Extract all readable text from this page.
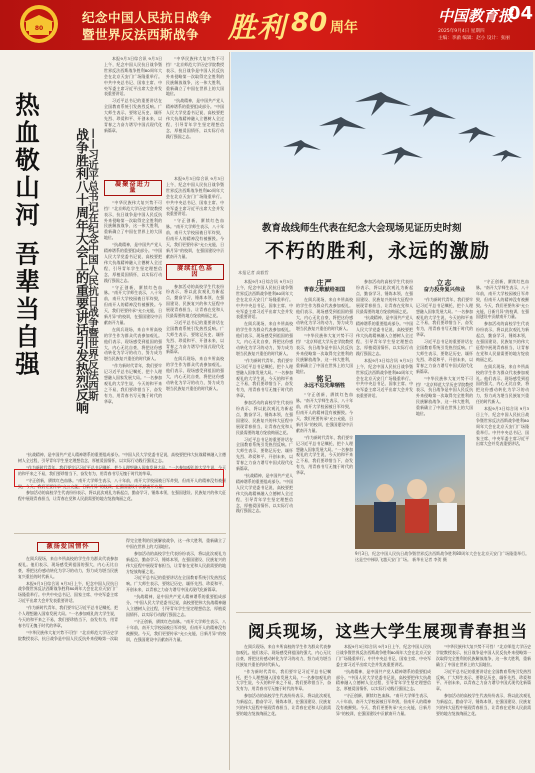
80
纪念中国人民抗日战争
暨世界反法西斯战争 胜利 80 周年
中国教育报
04
2025年9月4日 星期四
主编：李澈 编辑：赵小 设计：张丽
热血敬山河 吾辈当自强 战争胜利八十周年大会上的重要讲话引发热烈反响 ——习近平总书记在纪念中国人民抗日战争暨世界反法西斯

本报9月3日综合讯 9月3日上午，纪念中国人民抗日战争暨世界反法西斯战争胜利80周年大会在北京天安门广场隆重举行。中共中央总书记、国家主席、中央军委主席习近平出席大会并发表重要讲话。

习近平总书记的重要讲话在全国教育系统引发热烈反响。广大师生表示，要铭记历史、缅怀先烈、珍爱和平、开创未来，以青春之力奋力谱写中国式现代化新篇章。

“中华民族伟大复兴势不可挡！”北京师范大学历史学院教授表示，抗日战争是中国人民反抗外来侵略第一次取得完全胜利的民族解放战争，这一伟大胜利，重新确立了中国在世界上的大国地位。

“抗战精神，是中国共产党人精神谱系的重要组成部分。”中国人民大学党委书记说，高校要把伟大抗战精神融入立德树人全过程，引导青年学生坚定理想信念，厚植爱国情怀，以实际行动践行强国之志。

凝聚奋进力量

“中华民族伟大复兴势不可挡！”北京师范大学历史学院教授表示，抗日战争是中国人民反抗外来侵略第一次取得完全胜利的民族解放战争，这一伟大胜利，重新确立了中国在世界上的大国地位。

“抗战精神，是中国共产党人精神谱系的重要组成部分。”中国人民大学党委书记说，高校要把伟大抗战精神融入立德树人全过程，引导青年学生坚定理想信念，厚植爱国情怀，以实际行动践行强国之志。

“守正创新，赓续红色血脉。”南开大学师生表示，八十年前，南开大学校园被日军炸毁，但南开人的精神没有被摧毁。今天，我们更要传承“允公允能，日新月异”的校训，在强国建设中贡献南开力量。

在阅兵现场，来自多所高校的学生作为群众代表参加观礼。他们表示，现场感受到祖国的强大，内心无比自豪，将把这份感动转化为学习的动力，努力成为堪当民族复兴重任的时代新人。

“作为新时代青年，我们要牢记习近平总书记嘱托，把个人理想融入国家发展大局。”一名参加观礼的大学生说，今天的和平来之不易，我们要珍惜当下，奋发有为，用青春书写无愧于时代的华章。

本报9月3日综合讯 9月3日上午，纪念中国人民抗日战争暨世界反法西斯战争胜利80周年大会在北京天安门广场隆重举行。中共中央总书记、国家主席、中央军委主席习近平出席大会并发表重要讲话。

“守正创新，赓续红色血脉。”南开大学师生表示，八十年前，南开大学校园被日军炸毁，但南开人的精神没有被摧毁。今天，我们更要传承“允公允能，日新月异”的校训，在强国建设中贡献南开力量。

赓续红色基因

参加活动的高校学生代表纷纷表示，将以此次观礼为新起点，勤奋学习，锤炼本领，在强国建设、民族复兴的伟大征程中展现青春担当，让青春在党和人民最需要的地方绽放绚丽之花。

习近平总书记的重要讲话在全国教育系统引发热烈反响。广大师生表示，要铭记历史、缅怀先烈、珍爱和平、开创未来，以青春之力奋力谱写中国式现代化新篇章。

在阅兵现场，来自多所高校的学生作为群众代表参加观礼。他们表示，现场感受到祖国的强大，内心无比自豪，将把这份感动转化为学习的动力，努力成为堪当民族复兴重任的时代新人。

“抗战精神，是中国共产党人精神谱系的重要组成部分。”中国人民大学党委书记说，高校要把伟大抗战精神融入立德树人全过程，引导青年学生坚定理想信念，厚植爱国情怀，以实际行动践行强国之志。

“作为新时代青年，我们要牢记习近平总书记嘱托，把个人理想融入国家发展大局。”一名参加观礼的大学生说，今天的和平来之不易，我们要珍惜当下，奋发有为，用青春书写无愧于时代的华章。

“守正创新，赓续红色血脉。”南开大学师生表示，八十年前，南开大学校园被日军炸毁，但南开人的精神没有被摧毁。今天，我们更要传承“允公允能，日新月异”的校训，在强国建设中贡献南开力量。

参加活动的高校学生代表纷纷表示，将以此次观礼为新起点，勤奋学习，锤炼本领，在强国建设、民族复兴的伟大征程中展现青春担当，让青春在党和人民最需要的地方绽放绚丽之花。

激扬爱国情怀

在阅兵现场，来自多所高校的学生作为群众代表参加观礼。他们表示，现场感受到祖国的强大，内心无比自豪，将把这份感动转化为学习的动力，努力成为堪当民族复兴重任的时代新人。

本报9月3日综合讯 9月3日上午，纪念中国人民抗日战争暨世界反法西斯战争胜利80周年大会在北京天安门广场隆重举行。中共中央总书记、国家主席、中央军委主席习近平出席大会并发表重要讲话。

“作为新时代青年，我们要牢记习近平总书记嘱托，把个人理想融入国家发展大局。”一名参加观礼的大学生说，今天的和平来之不易，我们要珍惜当下，奋发有为，用青春书写无愧于时代的华章。

“中华民族伟大复兴势不可挡！”北京师范大学历史学院教授表示，抗日战争是中国人民反抗外来侵略第一次取得完全胜利的民族解放战争，这一伟大胜利，重新确立了中国在世界上的大国地位。

参加活动的高校学生代表纷纷表示，将以此次观礼为新起点，勤奋学习，锤炼本领，在强国建设、民族复兴的伟大征程中展现青春担当，让青春在党和人民最需要的地方绽放绚丽之花。

习近平总书记的重要讲话在全国教育系统引发热烈反响。广大师生表示，要铭记历史、缅怀先烈、珍爱和平、开创未来，以青春之力奋力谱写中国式现代化新篇章。

“抗战精神，是中国共产党人精神谱系的重要组成部分。”中国人民大学党委书记说，高校要把伟大抗战精神融入立德树人全过程，引导青年学生坚定理想信念，厚植爱国情怀，以实际行动践行强国之志。

“守正创新，赓续红色血脉。”南开大学师生表示，八十年前，南开大学校园被日军炸毁，但南开人的精神没有被摧毁。今天，我们更要传承“允公允能，日新月异”的校训，在强国建设中贡献南开力量。

教育战线师生代表在纪念大会现场见证历史时刻
不朽的胜利，永远的激励
本报记者 高毅哲

本报9月3日综合讯 9月3日上午，纪念中国人民抗日战争暨世界反法西斯战争胜利80周年大会在北京天安门广场隆重举行。中共中央总书记、国家主席、中央军委主席习近平出席大会并发表重要讲话。

在阅兵现场，来自多所高校的学生作为群众代表参加观礼。他们表示，现场感受到祖国的强大，内心无比自豪，将把这份感动转化为学习的动力，努力成为堪当民族复兴重任的时代新人。

“作为新时代青年，我们要牢记习近平总书记嘱托，把个人理想融入国家发展大局。”一名参加观礼的大学生说，今天的和平来之不易，我们要珍惜当下，奋发有为，用青春书写无愧于时代的华章。

参加活动的高校学生代表纷纷表示，将以此次观礼为新起点，勤奋学习，锤炼本领，在强国建设、民族复兴的伟大征程中展现青春担当，让青春在党和人民最需要的地方绽放绚丽之花。

习近平总书记的重要讲话在全国教育系统引发热烈反响。广大师生表示，要铭记历史、缅怀先烈、珍爱和平、开创未来，以青春之力奋力谱写中国式现代化新篇章。

“抗战精神，是中国共产党人精神谱系的重要组成部分。”中国人民大学党委书记说，高校要把伟大抗战精神融入立德树人全过程，引导青年学生坚定理想信念，厚植爱国情怀，以实际行动践行强国之志。

庄严
青春之歌献给祖国

在阅兵现场，来自多所高校的学生作为群众代表参加观礼。他们表示，现场感受到祖国的强大，内心无比自豪，将把这份感动转化为学习的动力，努力成为堪当民族复兴重任的时代新人。

“中华民族伟大复兴势不可挡！”北京师范大学历史学院教授表示，抗日战争是中国人民反抗外来侵略第一次取得完全胜利的民族解放战争，这一伟大胜利，重新确立了中国在世界上的大国地位。

铭记
永远不忘先辈牺牲

“守正创新，赓续红色血脉。”南开大学师生表示，八十年前，南开大学校园被日军炸毁，但南开人的精神没有被摧毁。今天，我们更要传承“允公允能，日新月异”的校训，在强国建设中贡献南开力量。

“作为新时代青年，我们要牢记习近平总书记嘱托，把个人理想融入国家发展大局。”一名参加观礼的大学生说，今天的和平来之不易，我们要珍惜当下，奋发有为，用青春书写无愧于时代的华章。

参加活动的高校学生代表纷纷表示，将以此次观礼为新起点，勤奋学习，锤炼本领，在强国建设、民族复兴的伟大征程中展现青春担当，让青春在党和人民最需要的地方绽放绚丽之花。

“抗战精神，是中国共产党人精神谱系的重要组成部分。”中国人民大学党委书记说，高校要把伟大抗战精神融入立德树人全过程，引导青年学生坚定理想信念，厚植爱国情怀，以实际行动践行强国之志。

本报9月3日综合讯 9月3日上午，纪念中国人民抗日战争暨世界反法西斯战争胜利80周年大会在北京天安门广场隆重举行。中共中央总书记、国家主席、中央军委主席习近平出席大会并发表重要讲话。

立志
奋力投身复兴伟业

“作为新时代青年，我们要牢记习近平总书记嘱托，把个人理想融入国家发展大局。”一名参加观礼的大学生说，今天的和平来之不易，我们要珍惜当下，奋发有为，用青春书写无愧于时代的华章。

习近平总书记的重要讲话在全国教育系统引发热烈反响。广大师生表示，要铭记历史、缅怀先烈、珍爱和平、开创未来，以青春之力奋力谱写中国式现代化新篇章。

“中华民族伟大复兴势不可挡！”北京师范大学历史学院教授表示，抗日战争是中国人民反抗外来侵略第一次取得完全胜利的民族解放战争，这一伟大胜利，重新确立了中国在世界上的大国地位。

“守正创新，赓续红色血脉。”南开大学师生表示，八十年前，南开大学校园被日军炸毁，但南开人的精神没有被摧毁。今天，我们更要传承“允公允能，日新月异”的校训，在强国建设中贡献南开力量。

参加活动的高校学生代表纷纷表示，将以此次观礼为新起点，勤奋学习，锤炼本领，在强国建设、民族复兴的伟大征程中展现青春担当，让青春在党和人民最需要的地方绽放绚丽之花。

在阅兵现场，来自多所高校的学生作为群众代表参加观礼。他们表示，现场感受到祖国的强大，内心无比自豪，将把这份感动转化为学习的动力，努力成为堪当民族复兴重任的时代新人。

本报9月3日综合讯 9月3日上午，纪念中国人民抗日战争暨世界反法西斯战争胜利80周年大会在北京天安门广场隆重举行。中共中央总书记、国家主席、中央军委主席习近平出席大会并发表重要讲话。

9月3日，纪念中国人民抗日战争暨世界反法西斯战争胜利80周年大会在北京天安门广场隆重举行。这是空中梯队飞越天安门广场。 新华社记者 李贺 摄
阅兵现场，这些大学生展现青春担当

在阅兵现场，来自多所高校的学生作为群众代表参加观礼。他们表示，现场感受到祖国的强大，内心无比自豪，将把这份感动转化为学习的动力，努力成为堪当民族复兴重任的时代新人。

“作为新时代青年，我们要牢记习近平总书记嘱托，把个人理想融入国家发展大局。”一名参加观礼的大学生说，今天的和平来之不易，我们要珍惜当下，奋发有为，用青春书写无愧于时代的华章。

参加活动的高校学生代表纷纷表示，将以此次观礼为新起点，勤奋学习，锤炼本领，在强国建设、民族复兴的伟大征程中展现青春担当，让青春在党和人民最需要的地方绽放绚丽之花。

本报9月3日综合讯 9月3日上午，纪念中国人民抗日战争暨世界反法西斯战争胜利80周年大会在北京天安门广场隆重举行。中共中央总书记、国家主席、中央军委主席习近平出席大会并发表重要讲话。

“抗战精神，是中国共产党人精神谱系的重要组成部分。”中国人民大学党委书记说，高校要把伟大抗战精神融入立德树人全过程，引导青年学生坚定理想信念，厚植爱国情怀，以实际行动践行强国之志。

“守正创新，赓续红色血脉。”南开大学师生表示，八十年前，南开大学校园被日军炸毁，但南开人的精神没有被摧毁。今天，我们更要传承“允公允能，日新月异”的校训，在强国建设中贡献南开力量。

“中华民族伟大复兴势不可挡！”北京师范大学历史学院教授表示，抗日战争是中国人民反抗外来侵略第一次取得完全胜利的民族解放战争，这一伟大胜利，重新确立了中国在世界上的大国地位。

习近平总书记的重要讲话在全国教育系统引发热烈反响。广大师生表示，要铭记历史、缅怀先烈、珍爱和平、开创未来，以青春之力奋力谱写中国式现代化新篇章。

参加活动的高校学生代表纷纷表示，将以此次观礼为新起点，勤奋学习，锤炼本领，在强国建设、民族复兴的伟大征程中展现青春担当，让青春在党和人民最需要的地方绽放绚丽之花。
